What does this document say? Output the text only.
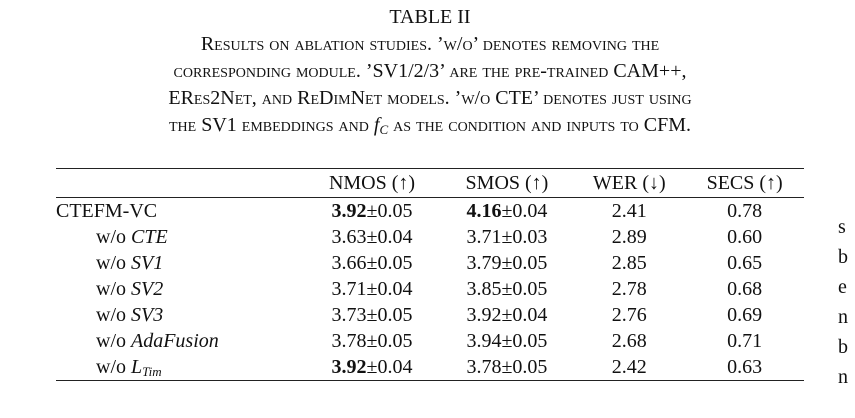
TABLE II
Results on ablation studies. ’w/o’ denotes removing the
corresponding module. ’SV1/2/3’ are the pre-trained CAM++,
ERes2Net, and ReDimNet models. ’w/o CTE’ denotes just using
the SV1 embeddings and $f_C$ as the condition and inputs to CFM.
	NMOS (↑)	SMOS (↑)	WER (↓)	SECS (↑)
CTEFM-VC	3.92±0.05	4.16±0.04	2.41	0.78
w/o CTE	3.63±0.04	3.71±0.03	2.89	0.60
w/o SV1	3.66±0.05	3.79±0.05	2.85	0.65
w/o SV2	3.71±0.04	3.85±0.05	2.78	0.68
w/o SV3	3.73±0.05	3.92±0.04	2.76	0.69
w/o AdaFusion	3.78±0.05	3.94±0.05	2.68	0.71
w/o $L_{Tim}$	3.92±0.04	3.78±0.05	2.42	0.63
s
b
e
n
b
n
